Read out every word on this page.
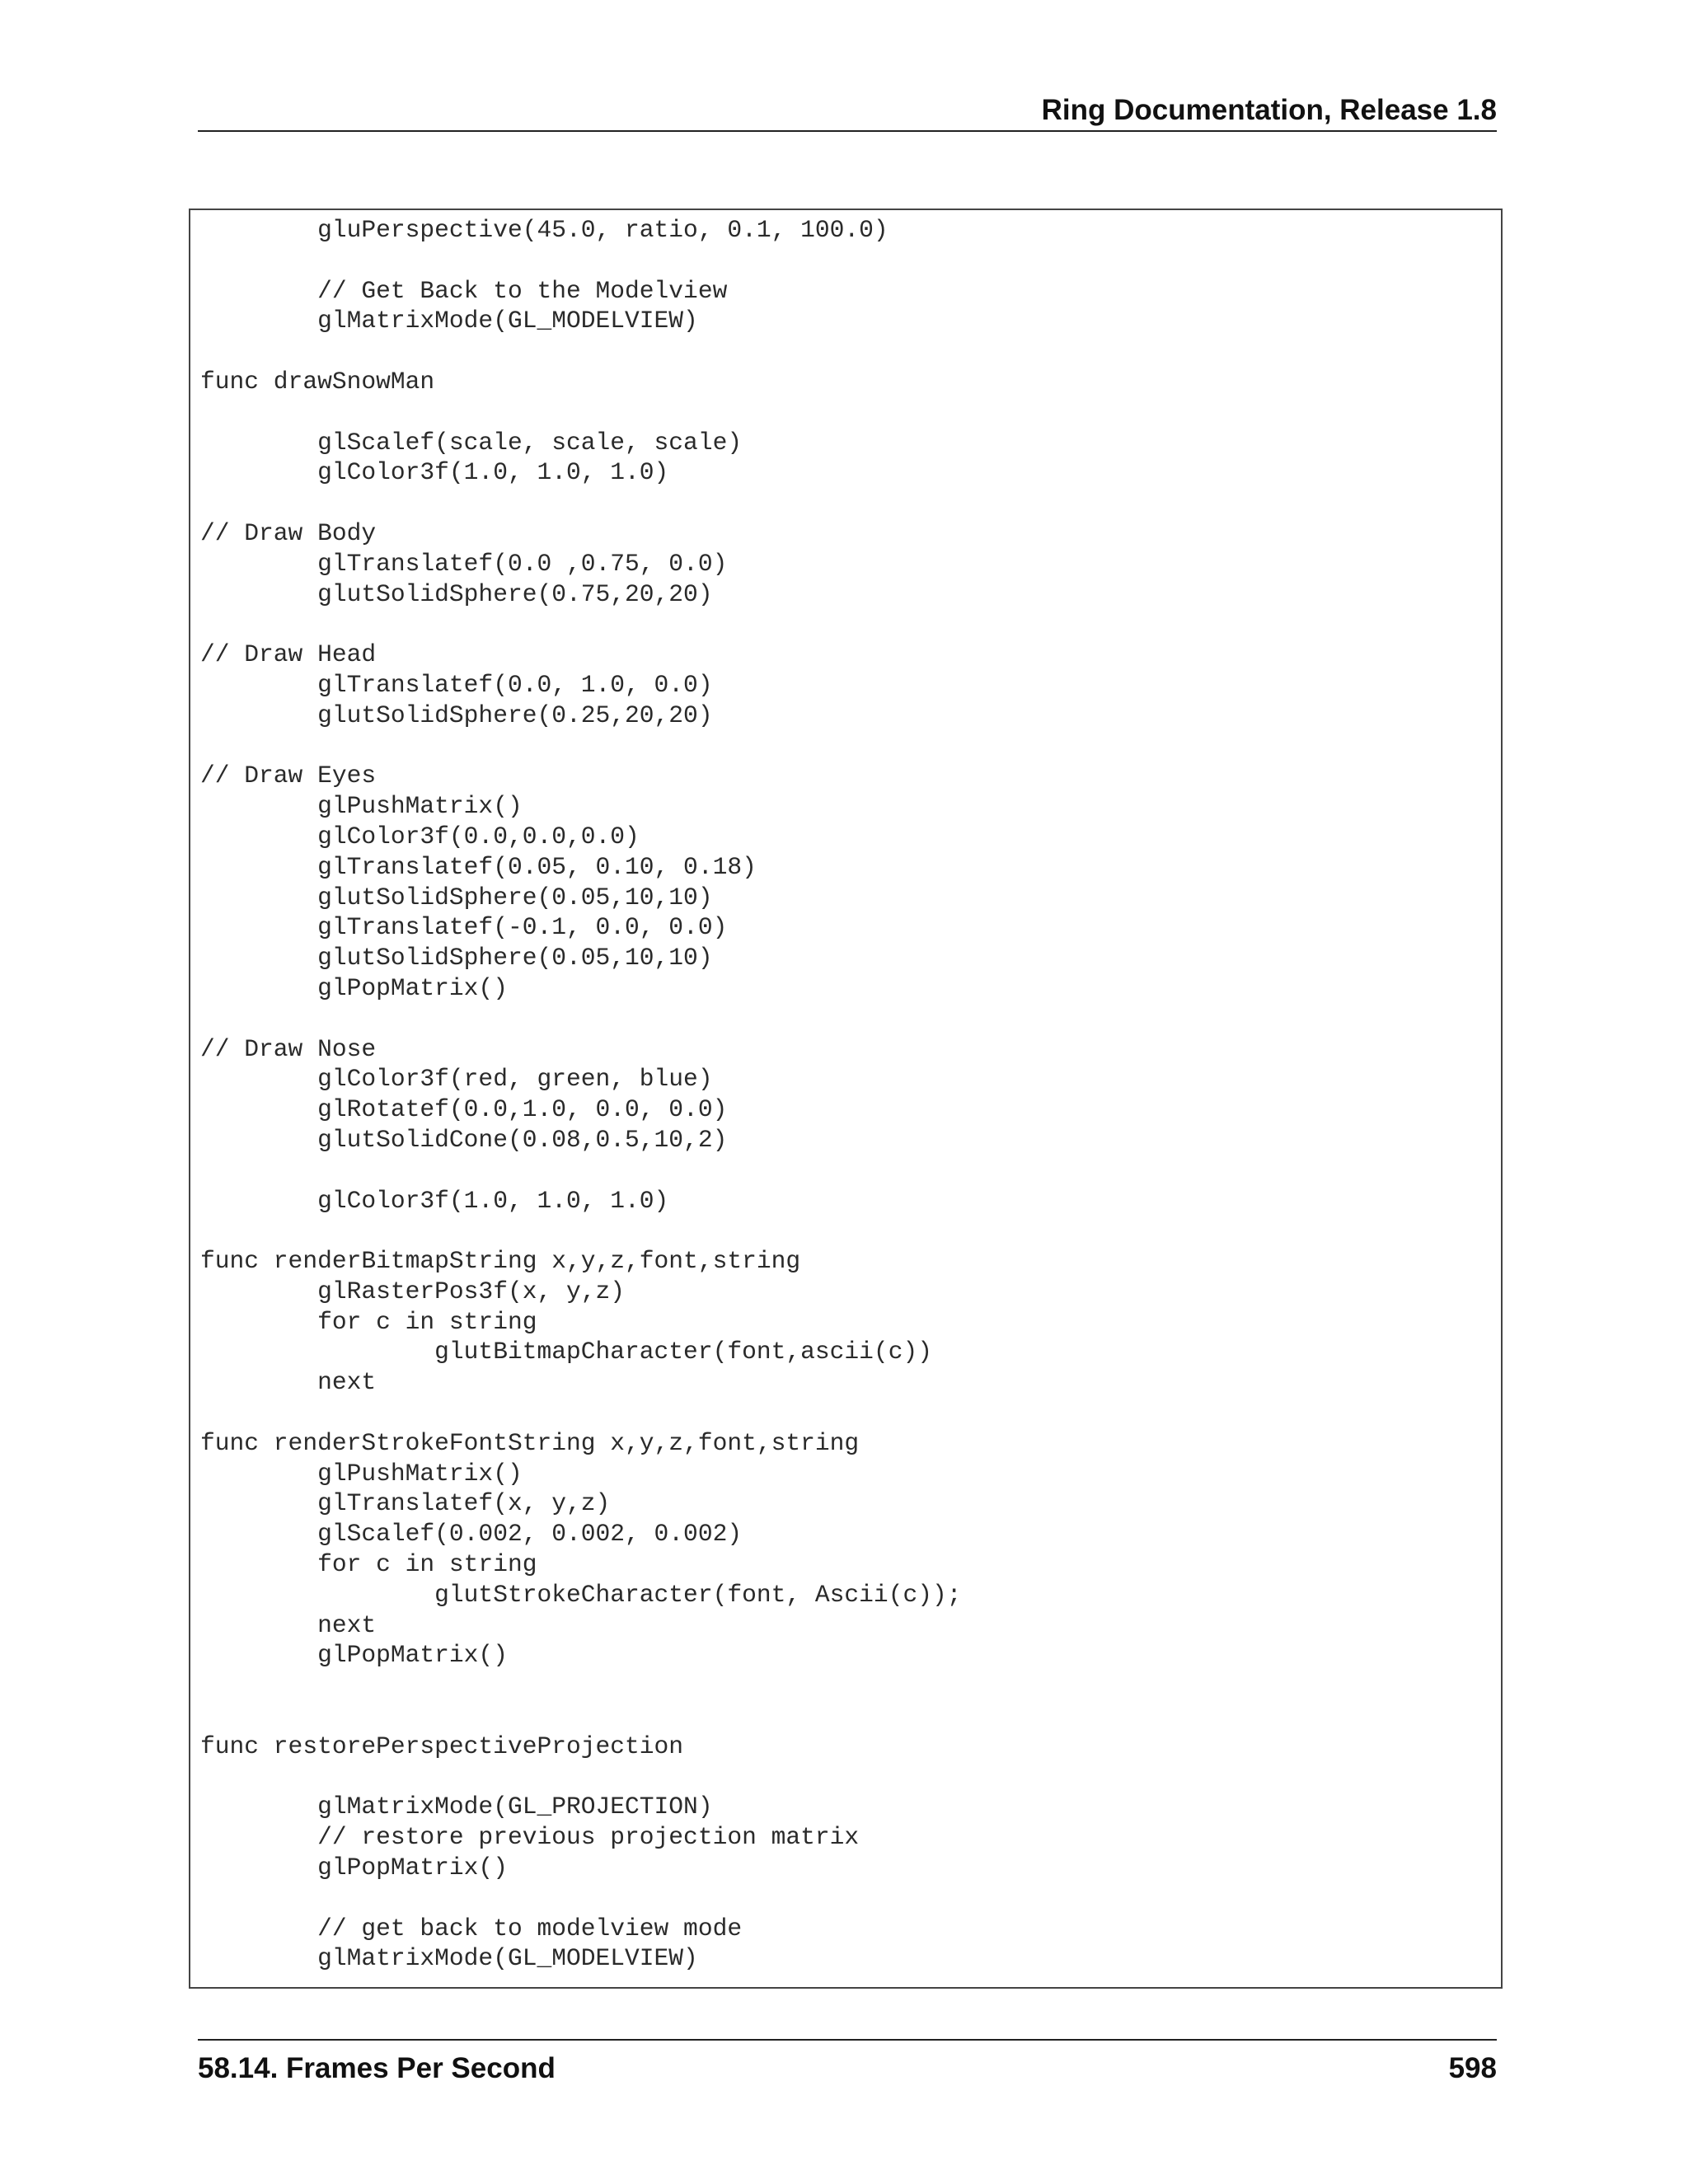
Ring Documentation, Release 1.8
	gluPerspective(45.0, ratio, 0.1, 100.0)
	// Get Back to the Modelview
	glMatrixMode(GL_MODELVIEW)
func drawSnowMan
	glScalef(scale, scale, scale)
	glColor3f(1.0, 1.0, 1.0)
// Draw Body
	glTranslatef(0.0 ,0.75, 0.0)
	glutSolidSphere(0.75,20,20)
// Draw Head
	glTranslatef(0.0, 1.0, 0.0)
	glutSolidSphere(0.25,20,20)
// Draw Eyes
	glPushMatrix()
	glColor3f(0.0,0.0,0.0)
	glTranslatef(0.05, 0.10, 0.18)
	glutSolidSphere(0.05,10,10)
	glTranslatef(-0.1, 0.0, 0.0)
	glutSolidSphere(0.05,10,10)
	glPopMatrix()
// Draw Nose
	glColor3f(red, green, blue)
	glRotatef(0.0,1.0, 0.0, 0.0)
	glutSolidCone(0.08,0.5,10,2)
	glColor3f(1.0, 1.0, 1.0)
func renderBitmapString x,y,z,font,string
	glRasterPos3f(x, y,z)
	for c in string
		glutBitmapCharacter(font,ascii(c))
	next
func renderStrokeFontString x,y,z,font,string
	glPushMatrix()
	glTranslatef(x, y,z)
	glScalef(0.002, 0.002, 0.002)
	for c in string
		glutStrokeCharacter(font, Ascii(c));
	next
	glPopMatrix()
func restorePerspectiveProjection
	glMatrixMode(GL_PROJECTION)
	// restore previous projection matrix
	glPopMatrix()
	// get back to modelview mode
	glMatrixMode(GL_MODELVIEW)
58.14. Frames Per Second	598
